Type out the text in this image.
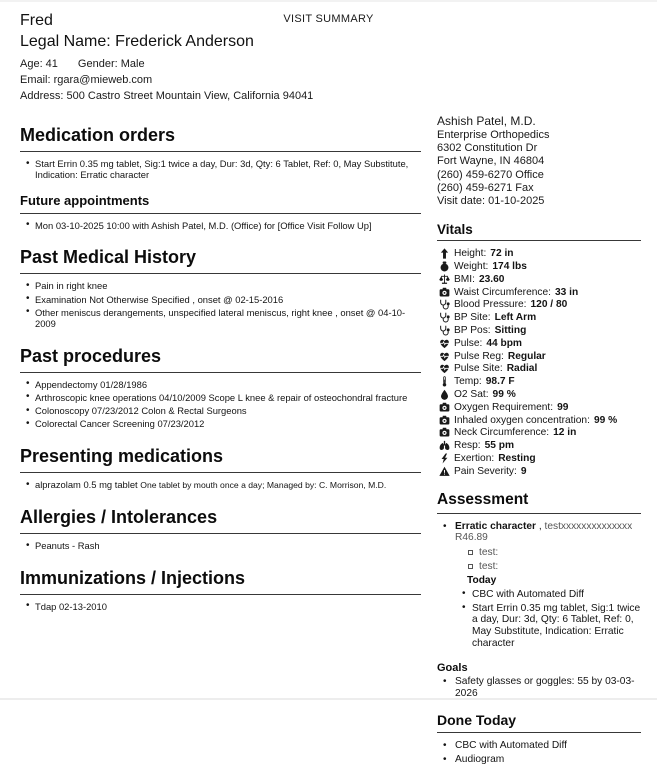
VISIT SUMMARY
Fred
Legal Name: Frederick Anderson
Age: 41 Gender: Male
Email: rgara@mieweb.com
Address: 500 Castro Street Mountain View, California 94041
Medication orders
• Start Errin 0.35 mg tablet, Sig:1 twice a day, Dur: 3d, Qty: 6 Tablet, Ref: 0, May Substitute, Indication: Erratic character
Future appointments
• Mon 03-10-2025 10:00 with Ashish Patel, M.D. (Office) for [Office Visit Follow Up]
Past Medical History
• Pain in right knee
• Examination Not Otherwise Specified , onset @ 02-15-2016
• Other meniscus derangements, unspecified lateral meniscus, right knee , onset @ 04-10-2009
Past procedures
• Appendectomy 01/28/1986
• Arthroscopic knee operations 04/10/2009 Scope L knee & repair of osteochondral fracture
• Colonoscopy 07/23/2012 Colon & Rectal Surgeons
• Colorectal Cancer Screening 07/23/2012
Presenting medications
• alprazolam 0.5 mg tablet One tablet by mouth once a day; Managed by: C. Morrison, M.D.
Allergies / Intolerances
• Peanuts - Rash
Immunizations / Injections
• Tdap 02-13-2010
Ashish Patel, M.D.
Enterprise Orthopedics
6302 Constitution Dr
Fort Wayne, IN 46804
(260) 459-6270 Office
(260) 459-6271 Fax
Visit date: 01-10-2025
Vitals
Height: 72 in
Weight: 174 lbs
BMI: 23.60
Waist Circumference: 33 in
Blood Pressure: 120 / 80
BP Site: Left Arm
BP Pos: Sitting
Pulse: 44 bpm
Pulse Reg: Regular
Pulse Site: Radial
Temp: 98.7 F
O2 Sat: 99 %
Oxygen Requirement: 99
Inhaled oxygen concentration: 99 %
Neck Circumference: 12 in
Resp: 55 pm
Exertion: Resting
Pain Severity: 9
Assessment
• Erratic character , testxxxxxxxxxxxxxx
R46.89
test:
test:
Today
• CBC with Automated Diff
• Start Errin 0.35 mg tablet, Sig:1 twice a day, Dur: 3d, Qty: 6 Tablet, Ref: 0, May Substitute, Indication: Erratic character
Goals
• Safety glasses or goggles: 55 by 03-03-2026
Done Today
• CBC with Automated Diff
• Audiogram
